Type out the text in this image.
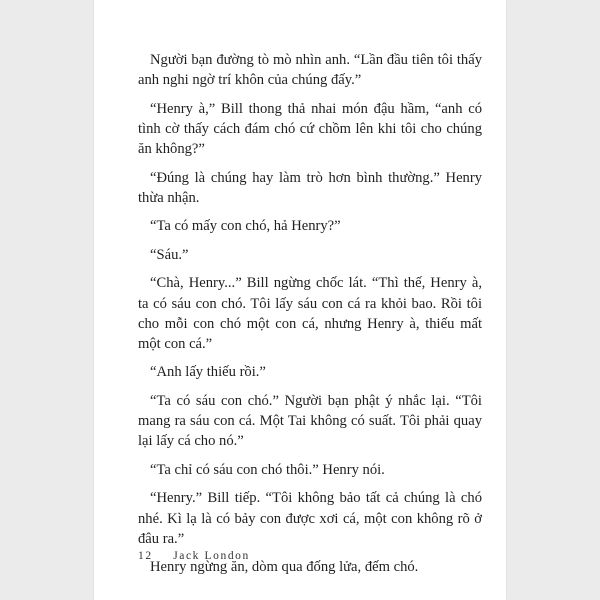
Người bạn đường tò mò nhìn anh. “Lần đầu tiên tôi thấy anh nghi ngờ trí khôn của chúng đấy.”

“Henry à,” Bill thong thả nhai món đậu hầm, “anh có tình cờ thấy cách đám chó cứ chồm lên khi tôi cho chúng ăn không?”

“Đúng là chúng hay làm trò hơn bình thường.” Henry thừa nhận.

“Ta có mấy con chó, hả Henry?”

“Sáu.”

“Chà, Henry...” Bill ngừng chốc lát. “Thì thế, Henry à, ta có sáu con chó. Tôi lấy sáu con cá ra khỏi bao. Rồi tôi cho mỗi con chó một con cá, nhưng Henry à, thiếu mất một con cá.”

“Anh lấy thiếu rồi.”

“Ta có sáu con chó.” Người bạn phật ý nhắc lại. “Tôi mang ra sáu con cá. Một Tai không có suất. Tôi phải quay lại lấy cá cho nó.”

“Ta chỉ có sáu con chó thôi.” Henry nói.

“Henry.” Bill tiếp. “Tôi không bảo tất cả chúng là chó nhé. Kì lạ là có bảy con được xơi cá, một con không rõ ở đâu ra.”

Henry ngừng ăn, dòm qua đống lửa, đếm chó.

12 Jack London
